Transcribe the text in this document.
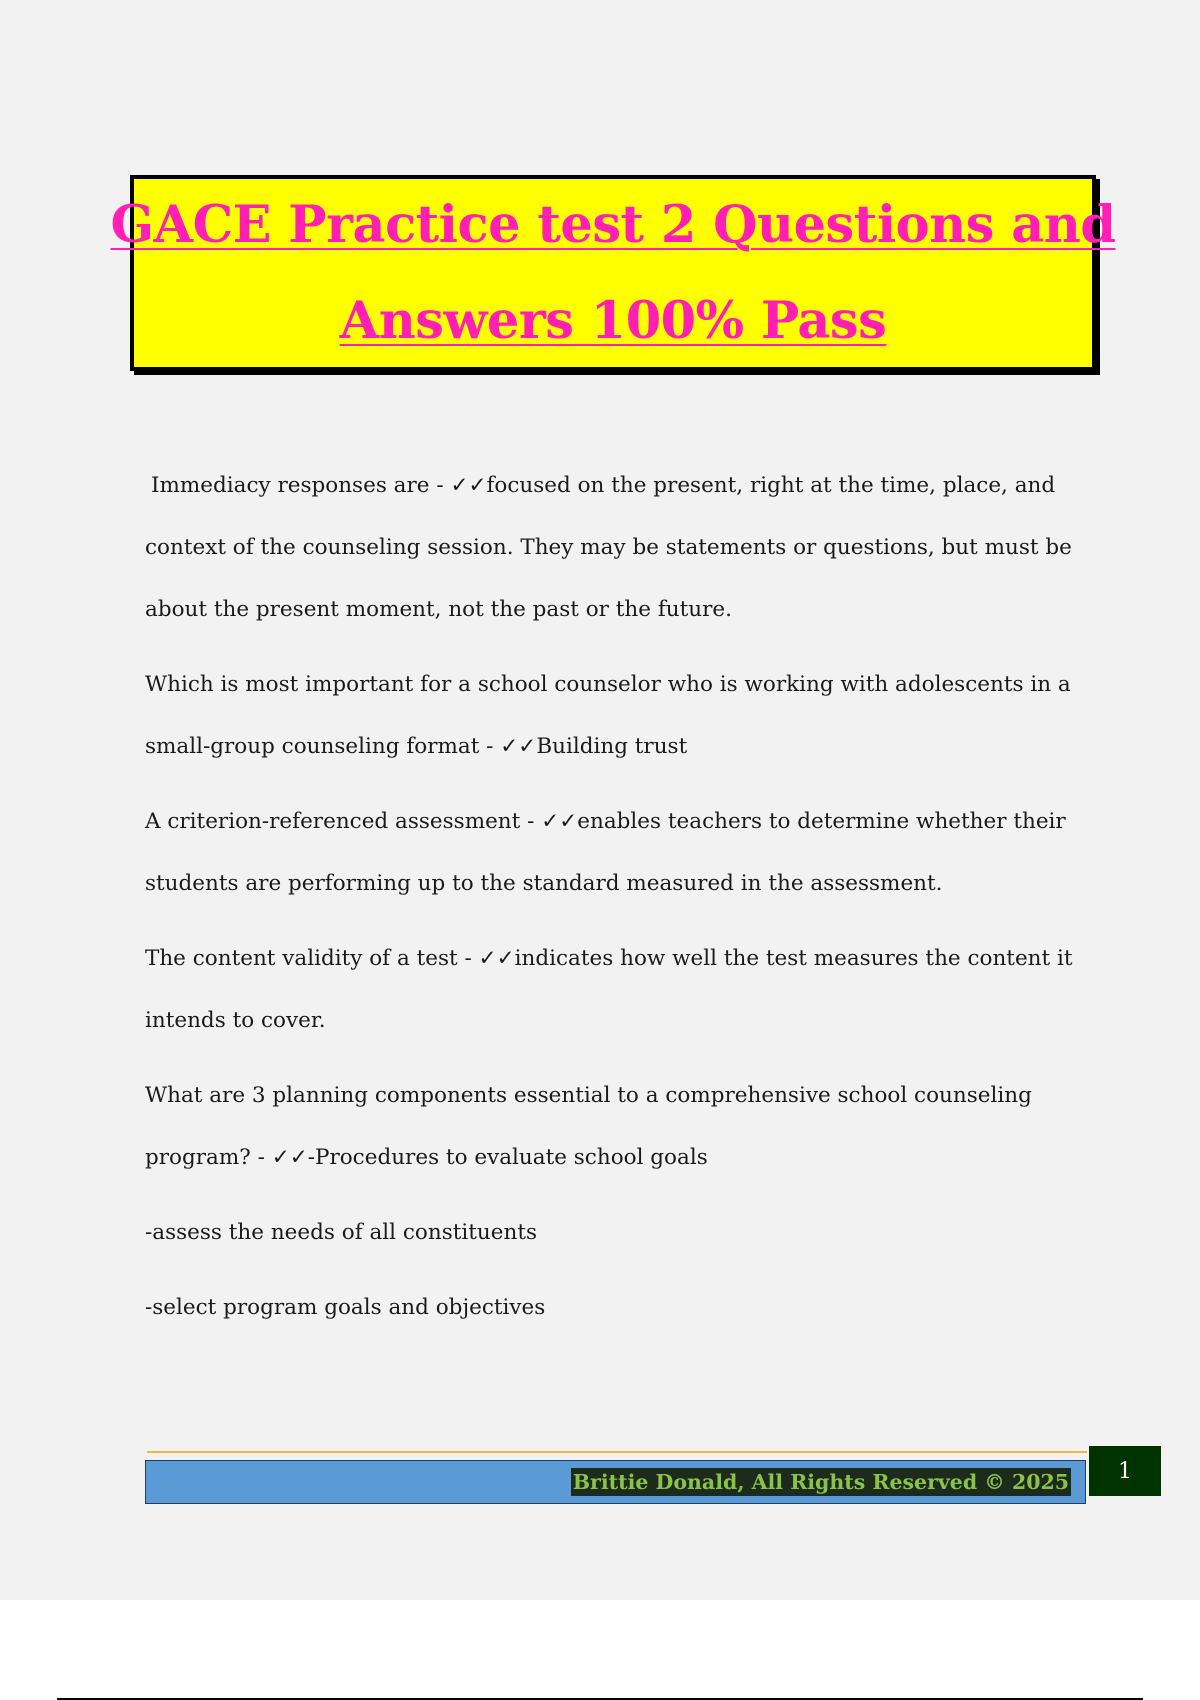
GACE Practice test 2 Questions and
Answers 100% Pass

Immediacy responses are - ✓✓focused on the present, right at the time, place, and context of the counseling session. They may be statements or questions, but must be about the present moment, not the past or the future.

Which is most important for a school counselor who is working with adolescents in a small-group counseling format - ✓✓Building trust

A criterion-referenced assessment - ✓✓enables teachers to determine whether their students are performing up to the standard measured in the assessment.

The content validity of a test - ✓✓indicates how well the test measures the content it intends to cover.

What are 3 planning components essential to a comprehensive school counseling program? - ✓✓-Procedures to evaluate school goals

-assess the needs of all constituents

-select program goals and objectives

Brittie Donald, All Rights Reserved © 2025	1
